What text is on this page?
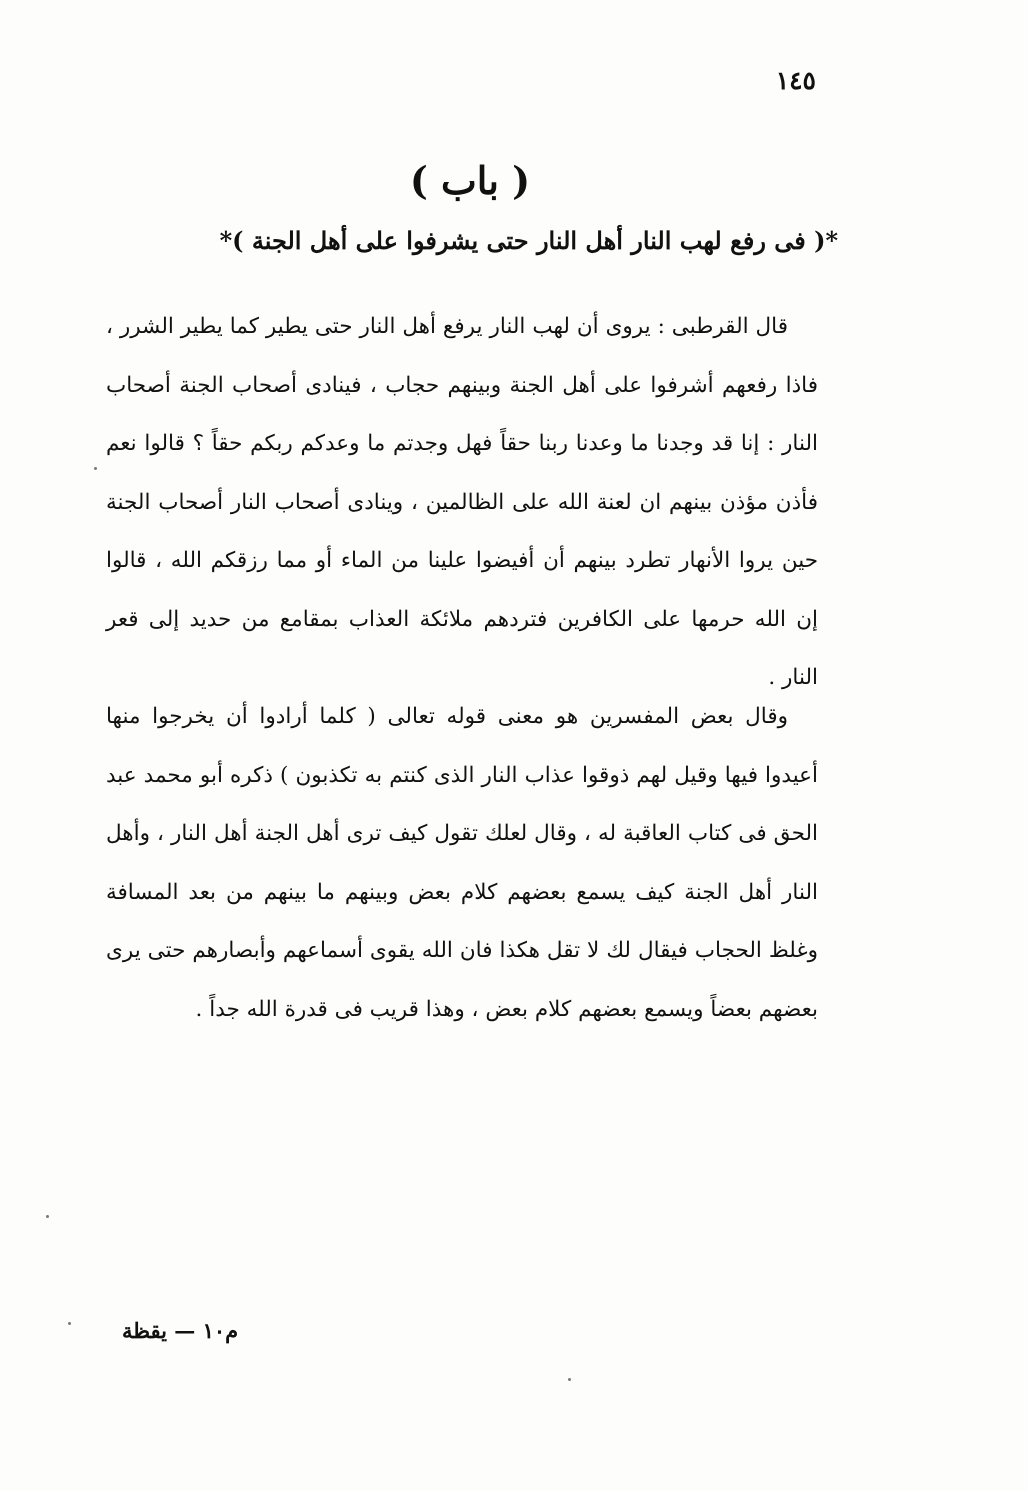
١٤٥
( باب )
*( فى رفع لهب النار أهل النار حتى يشرفوا على أهل الجنة )*

قال القرطبى : يروى أن لهب النار يرفع أهل النار حتى يطير كما يطير الشرر ، فاذا رفعهم أشرفوا على أهل الجنة وبينهم حجاب ، فينادى أصحاب الجنة أصحاب النار : إنا قد وجدنا ما وعدنا ربنا حقاً فهل وجدتم ما وعدكم ربكم حقاً ؟ قالوا نعم فأذن مؤذن بينهم ان لعنة الله على الظالمين ، وينادى أصحاب النار أصحاب الجنة حين يروا الأنهار تطرد بينهم أن أفيضوا علينا من الماء أو مما رزقكم الله ، قالوا إن الله حرمها على الكافرين فتردهم ملائكة العذاب بمقامع من حديد إلى قعر النار .

وقال بعض المفسرين هو معنى قوله تعالى ( كلما أرادوا أن يخرجوا منها أعيدوا فيها وقيل لهم ذوقوا عذاب النار الذى كنتم به تكذبون ) ذكره أبو محمد عبد الحق فى كتاب العاقبة له ، وقال لعلك تقول كيف ترى أهل الجنة أهل النار ، وأهل النار أهل الجنة كيف يسمع بعضهم كلام بعض وبينهم ما بينهم من بعد المسافة وغلظ الحجاب فيقال لك لا تقل هكذا فان الله يقوى أسماعهم وأبصارهم حتى يرى بعضهم بعضاً ويسمع بعضهم كلام بعض ، وهذا قريب فى قدرة الله جداً .

م١٠ — يقظة
